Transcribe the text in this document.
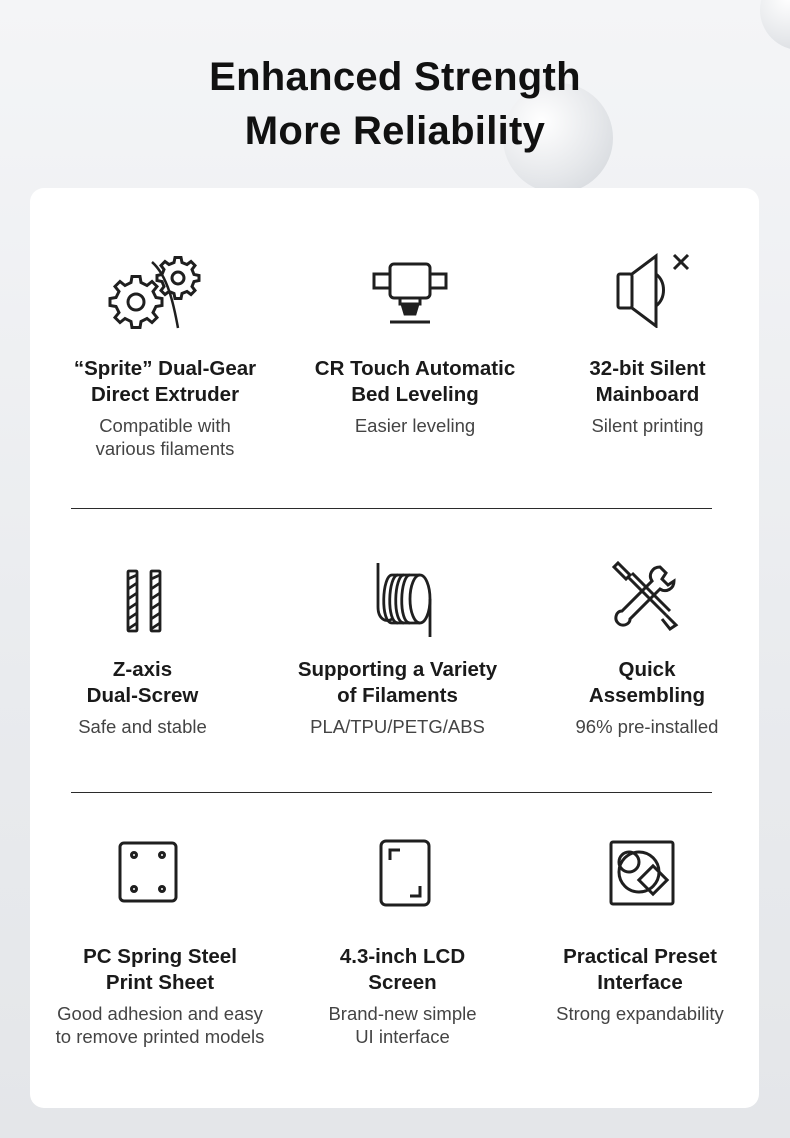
Enhanced Strength
More Reliability
“Sprite” Dual-Gear
Direct Extruder
Compatible with
various filaments
CR Touch Automatic
Bed Leveling
Easier leveling
32-bit Silent
Mainboard
Silent printing
Z-axis
Dual-Screw
Safe and stable
Supporting a Variety
of Filaments
PLA/TPU/PETG/ABS
Quick
Assembling
96% pre-installed
PC Spring Steel
Print Sheet
Good adhesion and easy
to remove printed models
4.3-inch LCD
Screen
Brand-new simple
UI interface
Practical Preset
Interface
Strong expandability
